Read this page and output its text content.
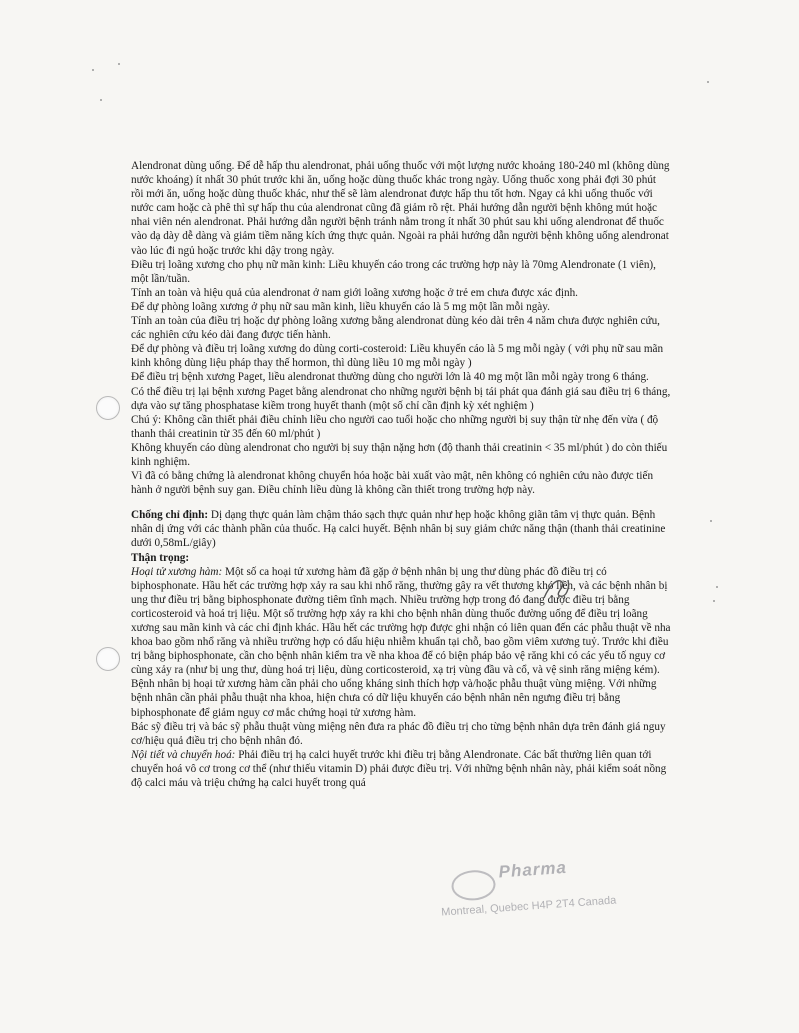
Alendronat dùng uống. Để dễ hấp thu alendronat, phải uống thuốc với một lượng nước khoảng 180-240 ml (không dùng nước khoáng) ít nhất 30 phút trước khi ăn, uống hoặc dùng thuốc khác trong ngày. Uống thuốc xong phải đợi 30 phút rồi mới ăn, uống hoặc dùng thuốc khác, như thế sẽ làm alendronat được hấp thu tốt hơn. Ngay cả khi uống thuốc với nước cam hoặc cà phê thì sự hấp thu của alendronat cũng đã giảm rõ rệt. Phải hướng dẫn người bệnh không mút hoặc nhai viên nén alendronat. Phải hướng dẫn người bệnh tránh nằm trong ít nhất 30 phút sau khi uống alendronat để thuốc vào dạ dày dễ dàng và giảm tiềm năng kích ứng thực quản. Ngoài ra phải hướng dẫn người bệnh không uống alendronat vào lúc đi ngủ hoặc trước khi dậy trong ngày.

Điều trị loãng xương cho phụ nữ mãn kinh: Liều khuyến cáo trong các trường hợp này là 70mg Alendronate (1 viên), một lần/tuần.

Tính an toàn và hiệu quả của alendronat ở nam giới loãng xương hoặc ở trẻ em chưa được xác định.

Để dự phòng loãng xương ở phụ nữ sau mãn kinh, liều khuyến cáo là 5 mg một lần mỗi ngày.

Tính an toàn của điều trị hoặc dự phòng loãng xương bằng alendronat dùng kéo dài trên 4 năm chưa được nghiên cứu, các nghiên cứu kéo dài đang được tiến hành.

Để dự phòng và điều trị loãng xương do dùng corti-costeroid: Liều khuyến cáo là 5 mg mỗi ngày ( với phụ nữ sau mãn kinh không dùng liệu pháp thay thế hormon, thì dùng liều 10 mg mỗi ngày )

Để điều trị bệnh xương Paget, liều alendronat thường dùng cho người lớn là 40 mg một lần mỗi ngày trong 6 tháng.

Có thể điều trị lại bệnh xương Paget bằng alendronat cho những người bệnh bị tái phát qua đánh giá sau điều trị 6 tháng, dựa vào sự tăng phosphatase kiềm trong huyết thanh (một số chỉ cần định kỳ xét nghiệm )

Chú ý: Không cần thiết phải điều chỉnh liều cho người cao tuổi hoặc cho những người bị suy thận từ nhẹ đến vừa ( độ thanh thải creatinin từ 35 đến 60 ml/phút )

Không khuyến cáo dùng alendronat cho người bị suy thận nặng hơn (độ thanh thải creatinin < 35 ml/phút ) do còn thiếu kinh nghiệm.

Vì đã có bằng chứng là alendronat không chuyển hóa hoặc bài xuất vào mật, nên không có nghiên cứu nào được tiến hành ở người bệnh suy gan. Điều chỉnh liều dùng là không cần thiết trong trường hợp này.

Chống chỉ định: Dị dạng thực quản làm chậm tháo sạch thực quản như hẹp hoặc không giãn tâm vị thực quản. Bệnh nhân dị ứng với các thành phần của thuốc. Hạ calci huyết. Bệnh nhân bị suy giảm chức năng thận (thanh thải creatinine dưới 0,58mL/giây)

Thận trọng:

Hoại tử xương hàm: Một số ca hoại tử xương hàm đã gặp ở bệnh nhân bị ung thư dùng phác đồ điều trị có biphosphonate. Hầu hết các trường hợp xảy ra sau khi nhổ răng, thường gây ra vết thương khó liền, và các bệnh nhân bị ung thư điều trị bằng biphosphonate đường tiêm tĩnh mạch. Nhiều trường hợp trong đó đang được điều trị bằng corticosteroid và hoá trị liệu. Một số trường hợp xảy ra khi cho bệnh nhân dùng thuốc đường uống để điều trị loãng xương sau mãn kinh và các chỉ định khác. Hầu hết các trường hợp được ghi nhận có liên quan đến các phẫu thuật về nha khoa bao gồm nhổ răng và nhiều trường hợp có dấu hiệu nhiễm khuẩn tại chỗ, bao gồm viêm xương tuỷ. Trước khi điều trị bằng biphosphonate, cần cho bệnh nhân kiểm tra về nha khoa để có biện pháp bảo vệ răng khi có các yếu tố nguy cơ cùng xảy ra (như bị ung thư, dùng hoá trị liệu, dùng corticosteroid, xạ trị vùng đầu và cổ, và vệ sinh răng miệng kém). Bệnh nhân bị hoại tử xương hàm cần phải cho uống kháng sinh thích hợp và/hoặc phẫu thuật vùng miệng. Với những bệnh nhân cần phải phẫu thuật nha khoa, hiện chưa có dữ liệu khuyến cáo bệnh nhân nên ngưng điều trị bằng biphosphonate để giảm nguy cơ mắc chứng hoại tử xương hàm.

Bác sỹ điều trị và bác sỹ phẫu thuật vùng miệng nên đưa ra phác đồ điều trị cho từng bệnh nhân dựa trên đánh giá nguy cơ/hiệu quả điều trị cho bệnh nhân đó.

Nội tiết và chuyển hoá: Phải điều trị hạ calci huyết trước khi điều trị bằng Alendronate. Các bất thường liên quan tới chuyển hoá vô cơ trong cơ thể (như thiếu vitamin D) phải được điều trị. Với những bệnh nhân này, phải kiểm soát nồng độ calci máu và triệu chứng hạ calci huyết trong quá

Pharma
Montreal, Quebec H4P 2T4 Canada
